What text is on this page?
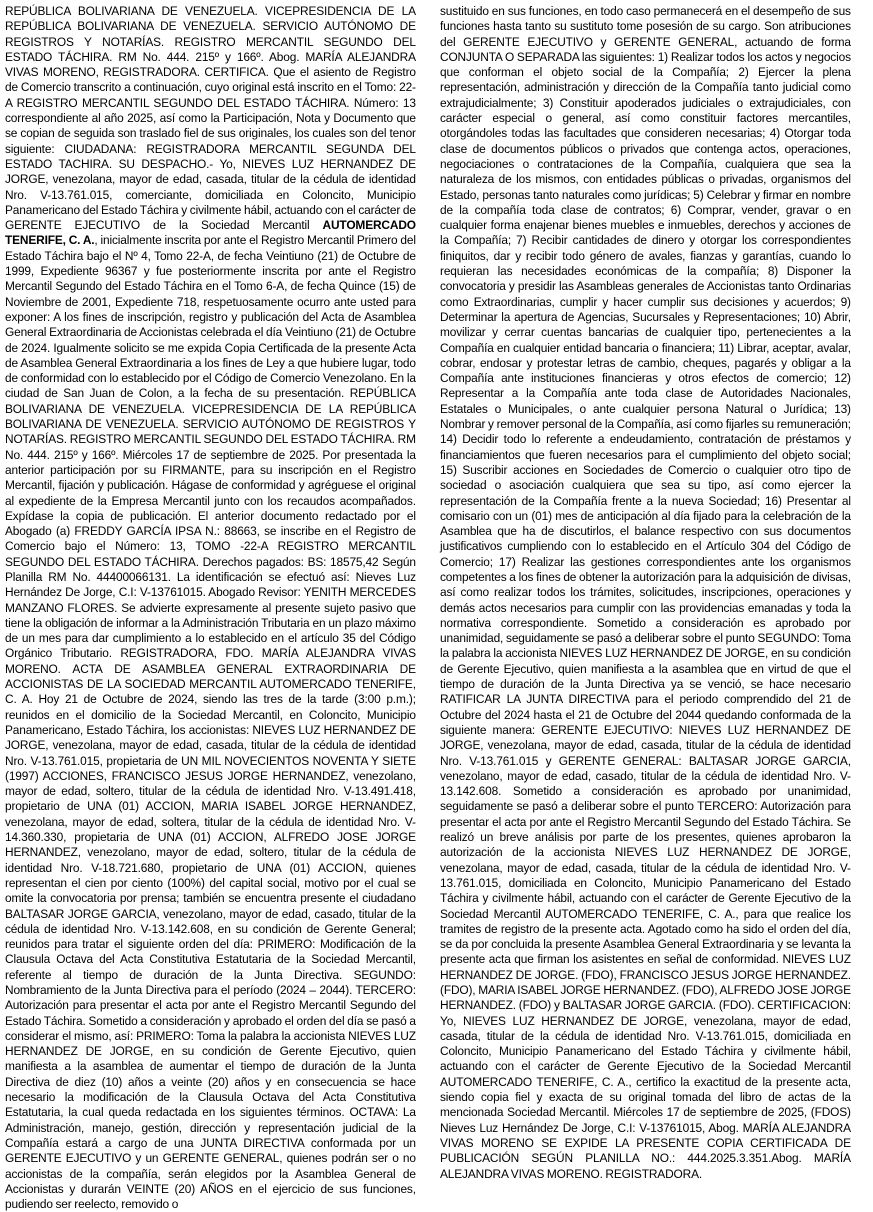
REPÚBLICA BOLIVARIANA DE VENEZUELA. VICEPRESIDENCIA DE LA REPÚBLICA BOLIVARIANA DE VENEZUELA. SERVICIO AUTÓNOMO DE REGISTROS Y NOTARÍAS. REGISTRO MERCANTIL SEGUNDO DEL ESTADO TÁCHIRA. RM No. 444. 215º y 166º. Abog. MARÍA ALEJANDRA VIVAS MORENO, REGISTRADORA. CERTIFICA. Que el asiento de Registro de Comercio transcrito a continuación, cuyo original está inscrito en el Tomo: 22-A REGISTRO MERCANTIL SEGUNDO DEL ESTADO TÁCHIRA. Número: 13 correspondiente al año 2025, así como la Participación, Nota y Documento que se copian de seguida son traslado fiel de sus originales, los cuales son del tenor siguiente: CIUDADANA: REGISTRADORA MERCANTIL SEGUNDA DEL ESTADO TACHIRA. SU DESPACHO.- Yo, NIEVES LUZ HERNANDEZ DE JORGE, venezolana, mayor de edad, casada, titular de la cédula de identidad Nro. V-13.761.015, comerciante, domiciliada en Coloncito, Municipio Panamericano del Estado Táchira y civilmente hábil, actuando con el carácter de GERENTE EJECUTIVO de la Sociedad Mercantil AUTOMERCADO TENERIFE, C. A., inicialmente inscrita por ante el Registro Mercantil Primero del Estado Táchira bajo el Nº 4, Tomo 22-A, de fecha Veintiuno (21) de Octubre de 1999, Expediente 96367 y fue posteriormente inscrita por ante el Registro Mercantil Segundo del Estado Táchira en el Tomo 6-A, de fecha Quince (15) de Noviembre de 2001, Expediente 718, respetuosamente ocurro ante usted para exponer: A los fines de inscripción, registro y publicación del Acta de Asamblea General Extraordinaria de Accionistas celebrada el día Veintiuno (21) de Octubre de 2024. Igualmente solicito se me expida Copia Certificada de la presente Acta de Asamblea General Extraordinaria a los fines de Ley a que hubiere lugar, todo de conformidad con lo establecido por el Código de Comercio Venezolano. En la ciudad de San Juan de Colon, a la fecha de su presentación. REPÚBLICA BOLIVARIANA DE VENEZUELA. VICEPRESIDENCIA DE LA REPÚBLICA BOLIVARIANA DE VENEZUELA. SERVICIO AUTÓNOMO DE REGISTROS Y NOTARÍAS. REGISTRO MERCANTIL SEGUNDO DEL ESTADO TÁCHIRA. RM No. 444. 215º y 166º. Miércoles 17 de septiembre de 2025. Por presentada la anterior participación por su FIRMANTE, para su inscripción en el Registro Mercantil, fijación y publicación. Hágase de conformidad y agréguese el original al expediente de la Empresa Mercantil junto con los recaudos acompañados. Expídase la copia de publicación. El anterior documento redactado por el Abogado (a) FREDDY GARCÍA IPSA N.: 88663, se inscribe en el Registro de Comercio bajo el Número: 13, TOMO -22-A REGISTRO MERCANTIL SEGUNDO DEL ESTADO TÁCHIRA. Derechos pagados: BS: 18575,42 Según Planilla RM No. 44400066131. La identificación se efectuó así: Nieves Luz Hernández De Jorge, C.I: V-13761015. Abogado Revisor: YENITH MERCEDES MANZANO FLORES. Se advierte expresamente al presente sujeto pasivo que tiene la obligación de informar a la Administración Tributaria en un plazo máximo de un mes para dar cumplimiento a lo establecido en el artículo 35 del Código Orgánico Tributario. REGISTRADORA, FDO. MARÍA ALEJANDRA VIVAS MORENO. ACTA DE ASAMBLEA GENERAL EXTRAORDINARIA DE ACCIONISTAS DE LA SOCIEDAD MERCANTIL AUTOMERCADO TENERIFE, C. A. Hoy 21 de Octubre de 2024, siendo las tres de la tarde (3:00 p.m.); reunidos en el domicilio de la Sociedad Mercantil, en Coloncito, Municipio Panamericano, Estado Táchira, los accionistas: NIEVES LUZ HERNANDEZ DE JORGE, venezolana, mayor de edad, casada, titular de la cédula de identidad Nro. V-13.761.015, propietaria de UN MIL NOVECIENTOS NOVENTA Y SIETE (1997) ACCIONES, FRANCISCO JESUS JORGE HERNANDEZ, venezolano, mayor de edad, soltero, titular de la cédula de identidad Nro. V-13.491.418, propietario de UNA (01) ACCION, MARIA ISABEL JORGE HERNANDEZ, venezolana, mayor de edad, soltera, titular de la cédula de identidad Nro. V-14.360.330, propietaria de UNA (01) ACCION, ALFREDO JOSE JORGE HERNANDEZ, venezolano, mayor de edad, soltero, titular de la cédula de identidad Nro. V-18.721.680, propietario de UNA (01) ACCION, quienes representan el cien por ciento (100%) del capital social, motivo por el cual se omite la convocatoria por prensa; también se encuentra presente el ciudadano BALTASAR JORGE GARCIA, venezolano, mayor de edad, casado, titular de la cédula de identidad Nro. V-13.142.608, en su condición de Gerente General; reunidos para tratar el siguiente orden del día: PRIMERO: Modificación de la Clausula Octava del Acta Constitutiva Estatutaria de la Sociedad Mercantil, referente al tiempo de duración de la Junta Directiva. SEGUNDO: Nombramiento de la Junta Directiva para el período (2024 – 2044). TERCERO: Autorización para presentar el acta por ante el Registro Mercantil Segundo del Estado Táchira. Sometido a consideración y aprobado el orden del día se pasó a considerar el mismo, así: PRIMERO: Toma la palabra la accionista NIEVES LUZ HERNANDEZ DE JORGE, en su condición de Gerente Ejecutivo, quien manifiesta a la asamblea de aumentar el tiempo de duración de la Junta Directiva de diez (10) años a veinte (20) años y en consecuencia se hace necesario la modificación de la Clausula Octava del Acta Constitutiva Estatutaria, la cual queda redactada en los siguientes términos. OCTAVA: La Administración, manejo, gestión, dirección y representación judicial de la Compañía estará a cargo de una JUNTA DIRECTIVA conformada por un GERENTE EJECUTIVO y un GERENTE GENERAL, quienes podrán ser o no accionistas de la compañía, serán elegidos por la Asamblea General de Accionistas y durarán VEINTE (20) AÑOS en el ejercicio de sus funciones, pudiendo ser reelecto, removido o
sustituido en sus funciones, en todo caso permanecerá en el desempeño de sus funciones hasta tanto su sustituto tome posesión de su cargo. Son atribuciones del GERENTE EJECUTIVO y GERENTE GENERAL, actuando de forma CONJUNTA O SEPARADA las siguientes: 1) Realizar todos los actos y negocios que conforman el objeto social de la Compañía; 2) Ejercer la plena representación, administración y dirección de la Compañía tanto judicial como extrajudicialmente; 3) Constituir apoderados judiciales o extrajudiciales, con carácter especial o general, así como constituir factores mercantiles, otorgándoles todas las facultades que consideren necesarias; 4) Otorgar toda clase de documentos públicos o privados que contenga actos, operaciones, negociaciones o contrataciones de la Compañía, cualquiera que sea la naturaleza de los mismos, con entidades públicas o privadas, organismos del Estado, personas tanto naturales como jurídicas; 5) Celebrar y firmar en nombre de la compañía toda clase de contratos; 6) Comprar, vender, gravar o en cualquier forma enajenar bienes muebles e inmuebles, derechos y acciones de la Compañía; 7) Recibir cantidades de dinero y otorgar los correspondientes finiquitos, dar y recibir todo género de avales, fianzas y garantías, cuando lo requieran las necesidades económicas de la compañía; 8) Disponer la convocatoria y presidir las Asambleas generales de Accionistas tanto Ordinarias como Extraordinarias, cumplir y hacer cumplir sus decisiones y acuerdos; 9) Determinar la apertura de Agencias, Sucursales y Representaciones; 10) Abrir, movilizar y cerrar cuentas bancarias de cualquier tipo, pertenecientes a la Compañía en cualquier entidad bancaria o financiera; 11) Librar, aceptar, avalar, cobrar, endosar y protestar letras de cambio, cheques, pagarés y obligar a la Compañía ante instituciones financieras y otros efectos de comercio; 12) Representar a la Compañía ante toda clase de Autoridades Nacionales, Estatales o Municipales, o ante cualquier persona Natural o Jurídica; 13) Nombrar y remover personal de la Compañía, así como fijarles su remuneración; 14) Decidir todo lo referente a endeudamiento, contratación de préstamos y financiamientos que fueren necesarios para el cumplimiento del objeto social; 15) Suscribir acciones en Sociedades de Comercio o cualquier otro tipo de sociedad o asociación cualquiera que sea su tipo, así como ejercer la representación de la Compañía frente a la nueva Sociedad; 16) Presentar al comisario con un (01) mes de anticipación al día fijado para la celebración de la Asamblea que ha de discutirlos, el balance respectivo con sus documentos justificativos cumpliendo con lo establecido en el Artículo 304 del Código de Comercio; 17) Realizar las gestiones correspondientes ante los organismos competentes a los fines de obtener la autorización para la adquisición de divisas, así como realizar todos los trámites, solicitudes, inscripciones, operaciones y demás actos necesarios para cumplir con las providencias emanadas y toda la normativa correspondiente. Sometido a consideración es aprobado por unanimidad, seguidamente se pasó a deliberar sobre el punto SEGUNDO: Toma la palabra la accionista NIEVES LUZ HERNANDEZ DE JORGE, en su condición de Gerente Ejecutivo, quien manifiesta a la asamblea que en virtud de que el tiempo de duración de la Junta Directiva ya se venció, se hace necesario RATIFICAR LA JUNTA DIRECTIVA para el periodo comprendido del 21 de Octubre del 2024 hasta el 21 de Octubre del 2044 quedando conformada de la siguiente manera: GERENTE EJECUTIVO: NIEVES LUZ HERNANDEZ DE JORGE, venezolana, mayor de edad, casada, titular de la cédula de identidad Nro. V-13.761.015 y GERENTE GENERAL: BALTASAR JORGE GARCIA, venezolano, mayor de edad, casado, titular de la cédula de identidad Nro. V-13.142.608. Sometido a consideración es aprobado por unanimidad, seguidamente se pasó a deliberar sobre el punto TERCERO: Autorización para presentar el acta por ante el Registro Mercantil Segundo del Estado Táchira. Se realizó un breve análisis por parte de los presentes, quienes aprobaron la autorización de la accionista NIEVES LUZ HERNANDEZ DE JORGE, venezolana, mayor de edad, casada, titular de la cédula de identidad Nro. V-13.761.015, domiciliada en Coloncito, Municipio Panamericano del Estado Táchira y civilmente hábil, actuando con el carácter de Gerente Ejecutivo de la Sociedad Mercantil AUTOMERCADO TENERIFE, C. A., para que realice los tramites de registro de la presente acta. Agotado como ha sido el orden del día, se da por concluida la presente Asamblea General Extraordinaria y se levanta la presente acta que firman los asistentes en señal de conformidad. NIEVES LUZ HERNANDEZ DE JORGE. (FDO), FRANCISCO JESUS JORGE HERNANDEZ. (FDO), MARIA ISABEL JORGE HERNANDEZ. (FDO), ALFREDO JOSE JORGE HERNANDEZ. (FDO) y BALTASAR JORGE GARCIA. (FDO). CERTIFICACION: Yo, NIEVES LUZ HERNANDEZ DE JORGE, venezolana, mayor de edad, casada, titular de la cédula de identidad Nro. V-13.761.015, domiciliada en Coloncito, Municipio Panamericano del Estado Táchira y civilmente hábil, actuando con el carácter de Gerente Ejecutivo de la Sociedad Mercantil AUTOMERCADO TENERIFE, C. A., certifico la exactitud de la presente acta, siendo copia fiel y exacta de su original tomada del libro de actas de la mencionada Sociedad Mercantil. Miércoles 17 de septiembre de 2025, (FDOS) Nieves Luz Hernández De Jorge, C.I: V-13761015, Abog. MARÍA ALEJANDRA VIVAS MORENO SE EXPIDE LA PRESENTE COPIA CERTIFICADA DE PUBLICACIÓN SEGÚN PLANILLA NO.: 444.2025.3.351.Abog. MARÍA ALEJANDRA VIVAS MORENO. REGISTRADORA.
